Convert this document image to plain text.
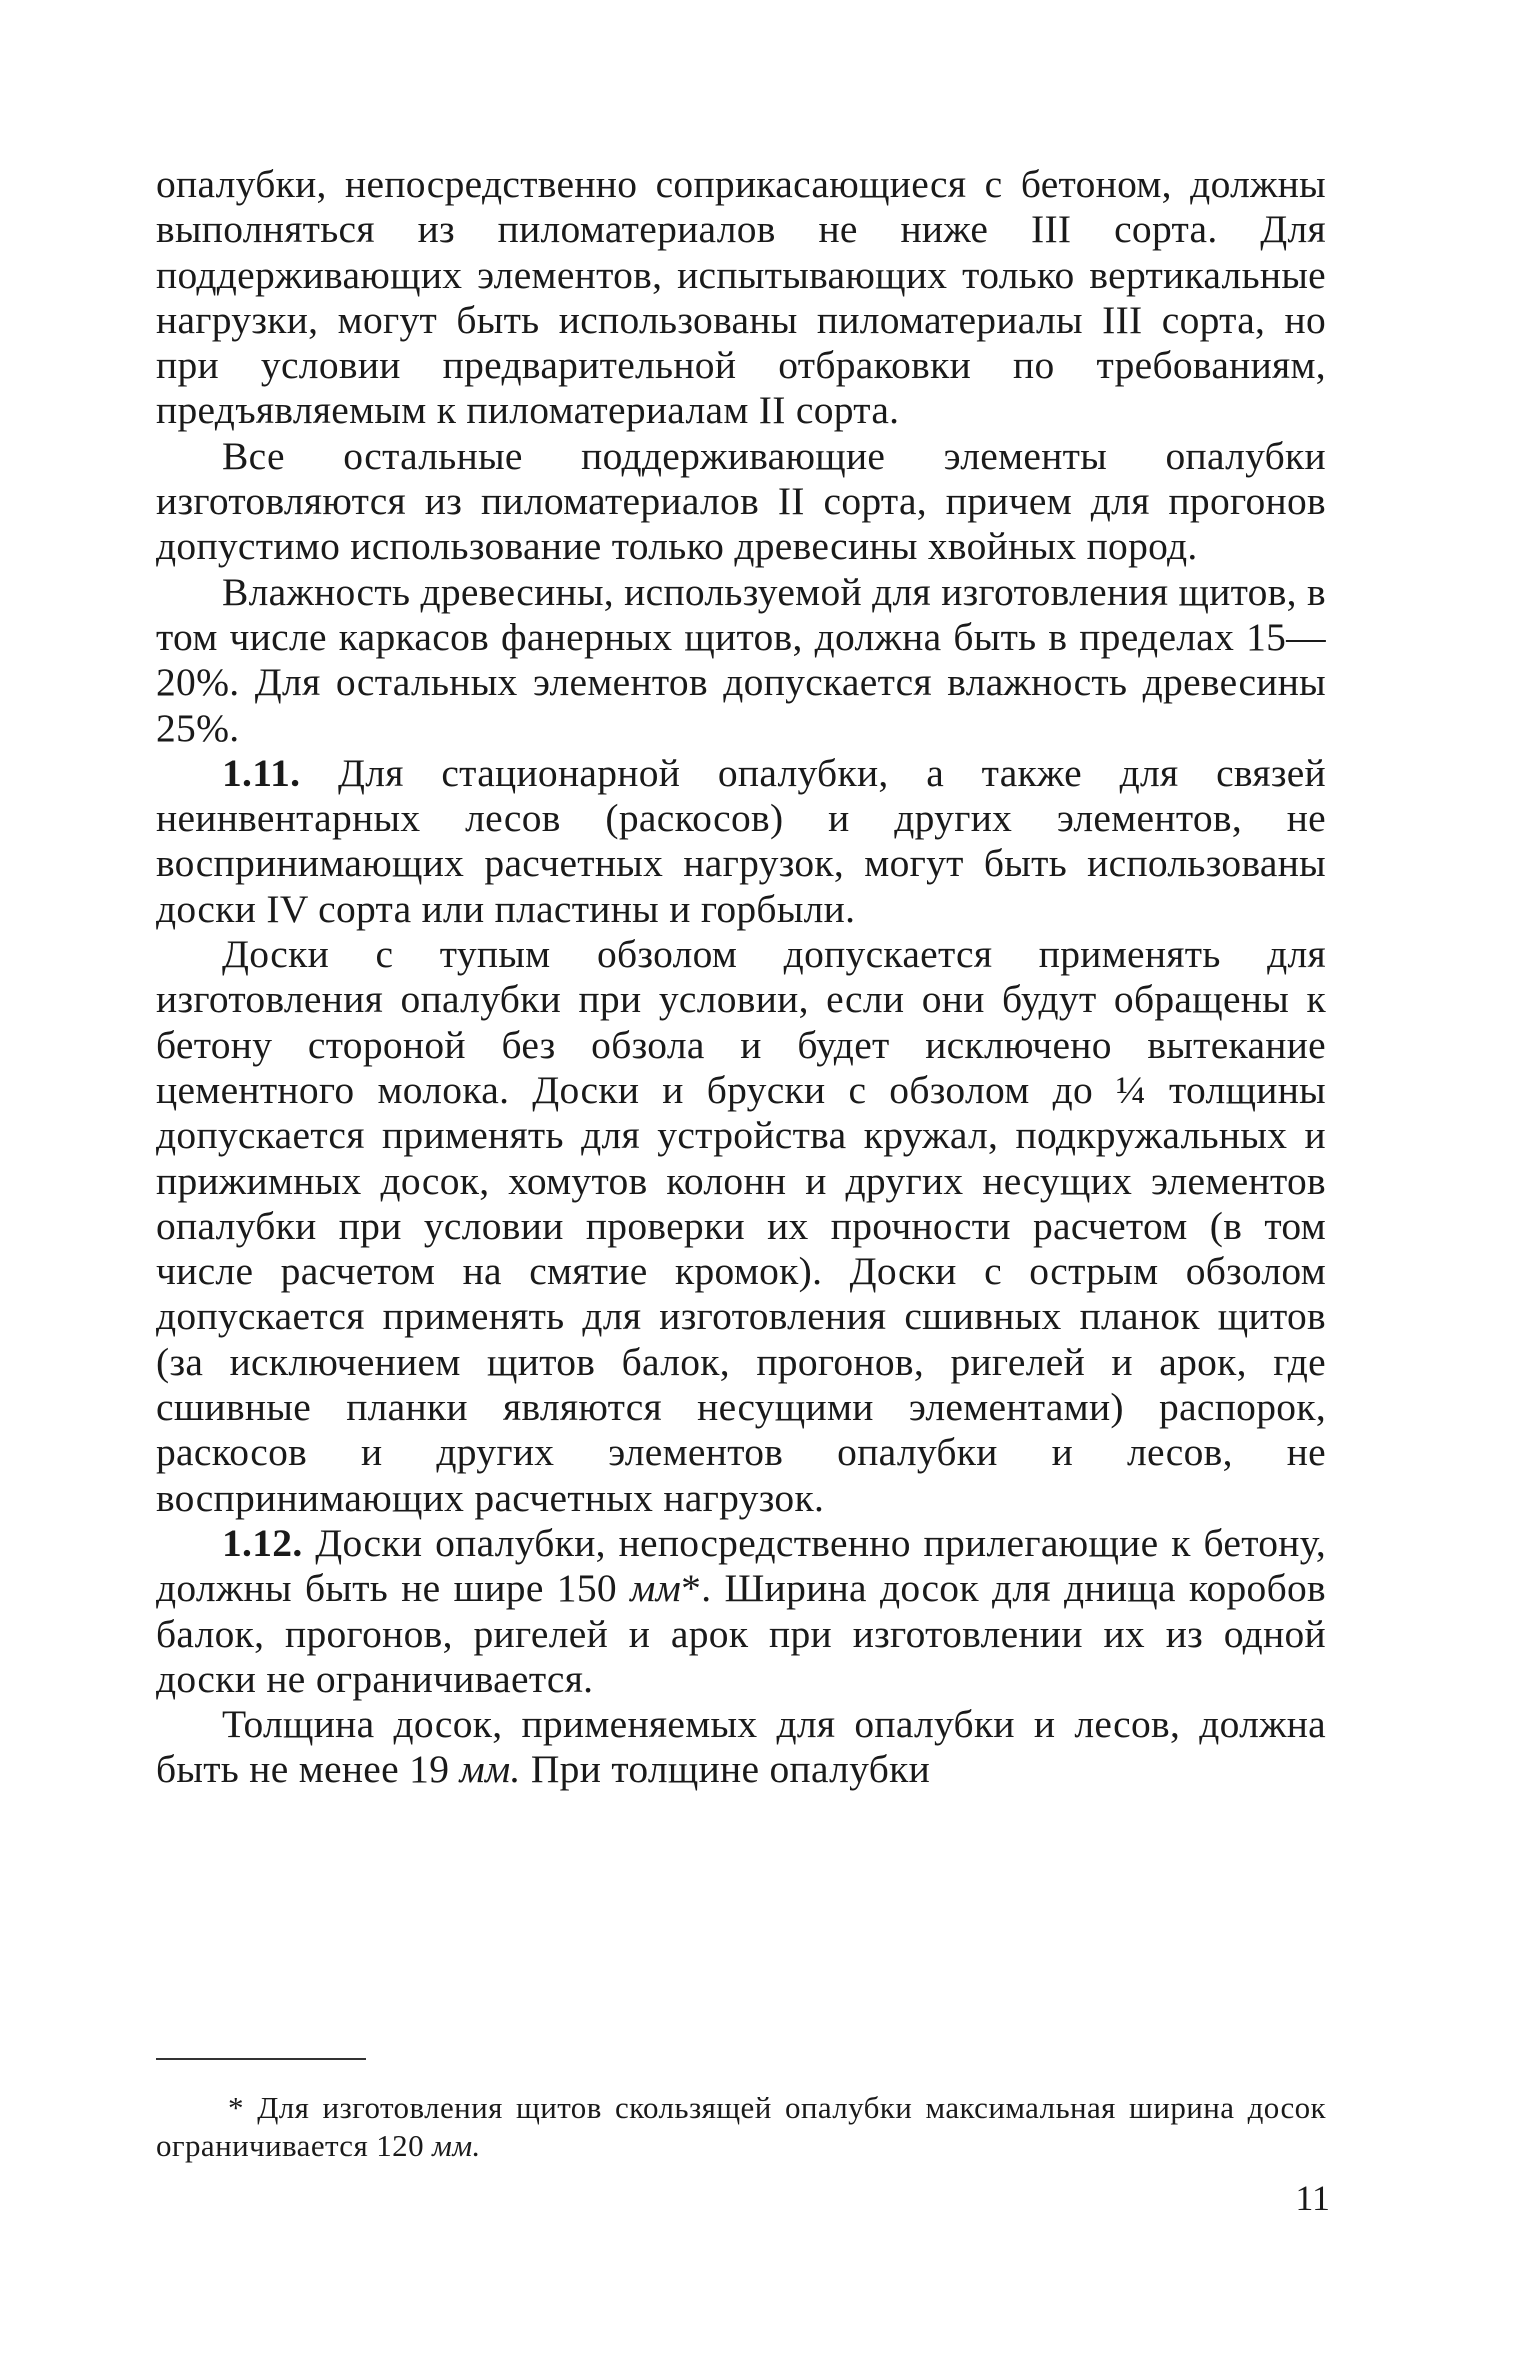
опалубки, непосредственно соприкасающиеся с бетоном, должны выполняться из пиломатериалов не ниже III сорта. Для поддерживающих элементов, испытывающих только вертикальные нагрузки, могут быть использованы пиломатериалы III сорта, но при условии предварительной отбраковки по требованиям, предъявляемым к пиломатериалам II сорта.

Все остальные поддерживающие элементы опалубки изготовляются из пиломатериалов II сорта, причем для прогонов допустимо использование только древесины хвойных пород.

Влажность древесины, используемой для изготовления щитов, в том числе каркасов фанерных щитов, должна быть в пределах 15—20%. Для остальных элементов допускается влажность древесины 25%.

1.11. Для стационарной опалубки, а также для связей неинвентарных лесов (раскосов) и других элементов, не воспринимающих расчетных нагрузок, могут быть использованы доски IV сорта или пластины и горбыли.

Доски с тупым обзолом допускается применять для изготовления опалубки при условии, если они будут обращены к бетону стороной без обзола и будет исключено вытекание цементного молока. Доски и бруски с обзолом до ¼ толщины допускается применять для устройства кружал, подкружальных и прижимных досок, хомутов колонн и других несущих элементов опалубки при условии проверки их прочности расчетом (в том числе расчетом на смятие кромок). Доски с острым обзолом допускается применять для изготовления сшивных планок щитов (за исключением щитов балок, прогонов, ригелей и арок, где сшивные планки являются несущими элементами) распорок, раскосов и других элементов опалубки и лесов, не воспринимающих расчетных нагрузок.

1.12. Доски опалубки, непосредственно прилегающие к бетону, должны быть не шире 150 мм*. Ширина досок для днища коробов балок, прогонов, ригелей и арок при изготовлении их из одной доски не ограничивается.

Толщина досок, применяемых для опалубки и лесов, должна быть не менее 19 мм. При толщине опалубки

* Для изготовления щитов скользящей опалубки максимальная ширина досок ограничивается 120 мм.

11
